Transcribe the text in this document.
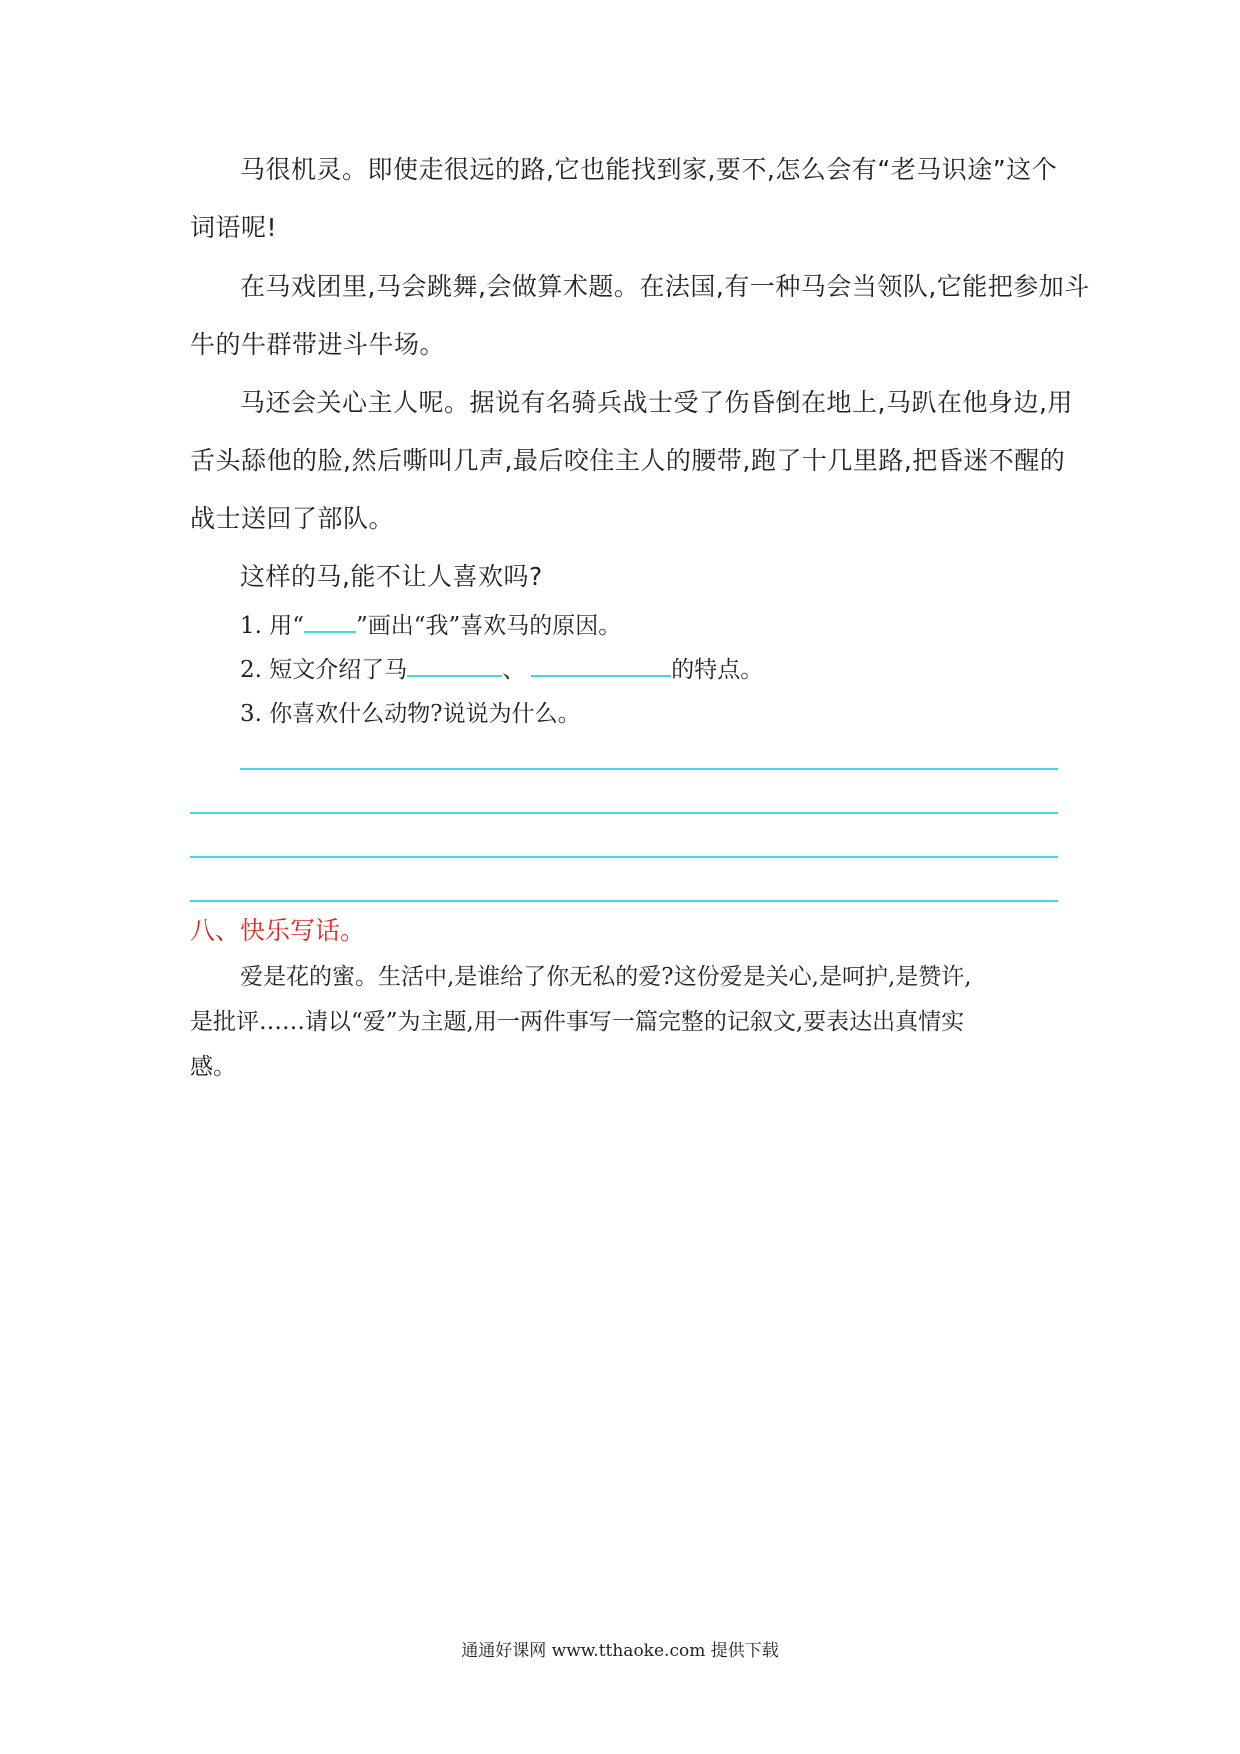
马很机灵。即使走很远的路,它也能找到家,要不,怎么会有“老马识途”这个
词语呢!
在马戏团里,马会跳舞,会做算术题。在法国,有一种马会当领队,它能把参加斗
牛的牛群带进斗牛场。
马还会关心主人呢。据说有名骑兵战士受了伤昏倒在地上,马趴在他身边,用
舌头舔他的脸,然后嘶叫几声,最后咬住主人的腰带,跑了十几里路,把昏迷不醒的
战士送回了部队。
这样的马,能不让人喜欢吗?
1. 用“ ”画出“我”喜欢马的原因。
2. 短文介绍了马	、	的特点。
3. 你喜欢什么动物?说说为什么。
八、快乐写话。
爱是花的蜜。生活中,是谁给了你无私的爱?这份爱是关心,是呵护,是赞许,
是批评……请以“爱”为主题,用一两件事写一篇完整的记叙文,要表达出真情实
感。
通通好课网 www.tthaoke.com 提供下载
